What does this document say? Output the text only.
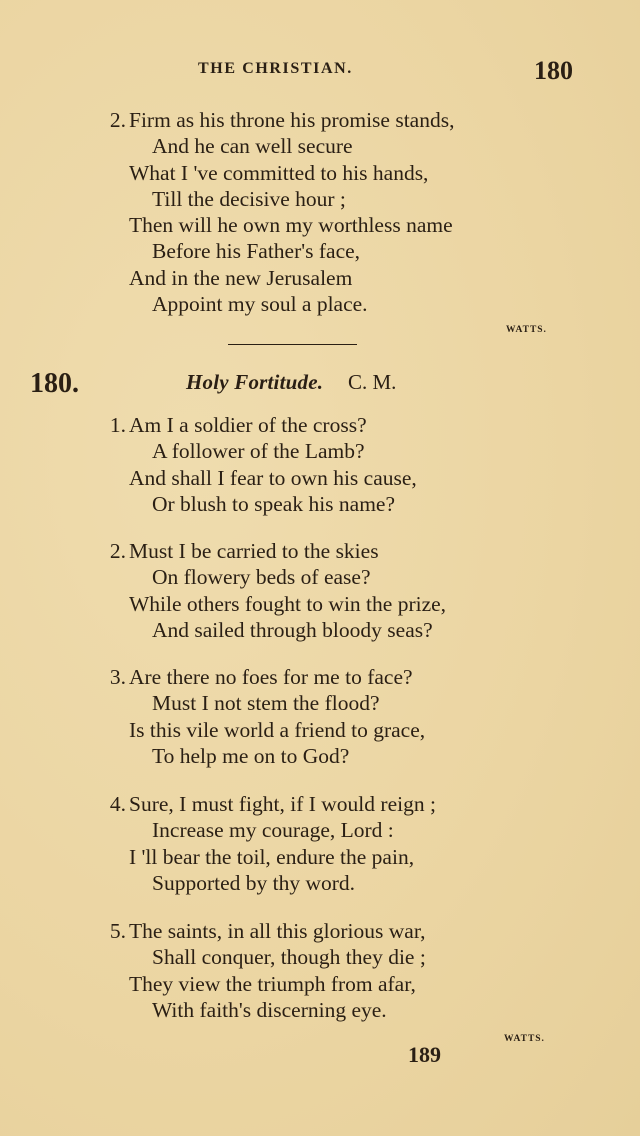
THE CHRISTIAN.	180
2. Firm as his throne his promise stands,
And he can well secure
What I 've committed to his hands,
Till the decisive hour ;
Then will he own my worthless name
Before his Father's face,
And in the new Jerusalem
Appoint my soul a place.
WATTS.
180.	Holy Fortitude. C. M.
1. Am I a soldier of the cross?
A follower of the Lamb?
And shall I fear to own his cause,
Or blush to speak his name?
2. Must I be carried to the skies
On flowery beds of ease?
While others fought to win the prize,
And sailed through bloody seas?
3. Are there no foes for me to face?
Must I not stem the flood?
Is this vile world a friend to grace,
To help me on to God?
4. Sure, I must fight, if I would reign ;
Increase my courage, Lord :
I 'll bear the toil, endure the pain,
Supported by thy word.
5. The saints, in all this glorious war,
Shall conquer, though they die ;
They view the triumph from afar,
With faith's discerning eye.
WATTS.
189
